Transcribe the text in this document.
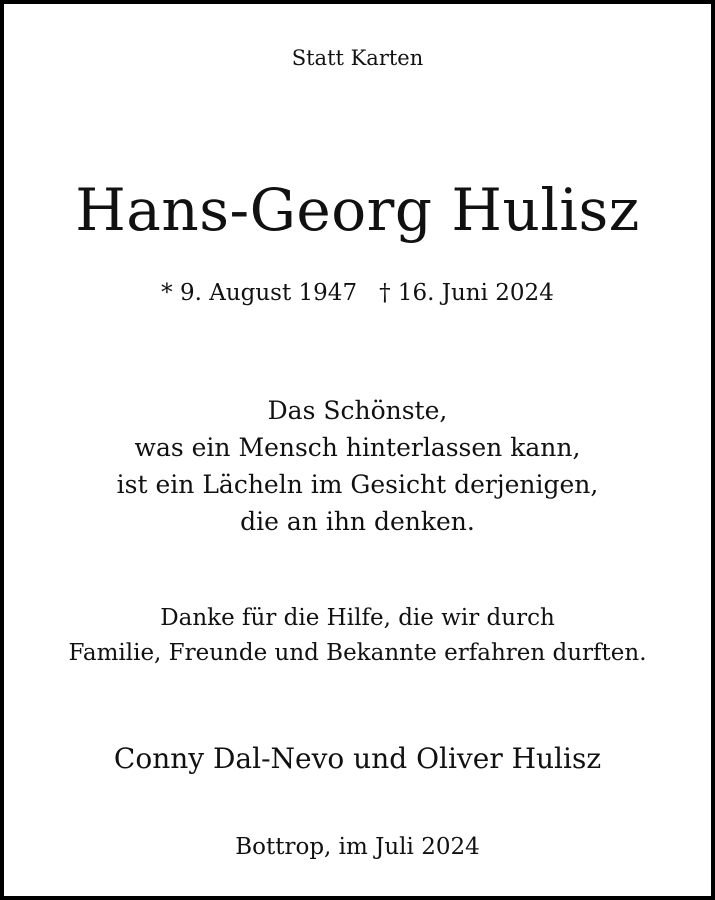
Statt Karten
Hans-Georg Hulisz
* 9. August 1947 † 16. Juni 2024
Das Schönste,
was ein Mensch hinterlassen kann,
ist ein Lächeln im Gesicht derjenigen,
die an ihn denken.
Danke für die Hilfe, die wir durch
Familie, Freunde und Bekannte erfahren durften.
Conny Dal-Nevo und Oliver Hulisz
Bottrop, im Juli 2024
